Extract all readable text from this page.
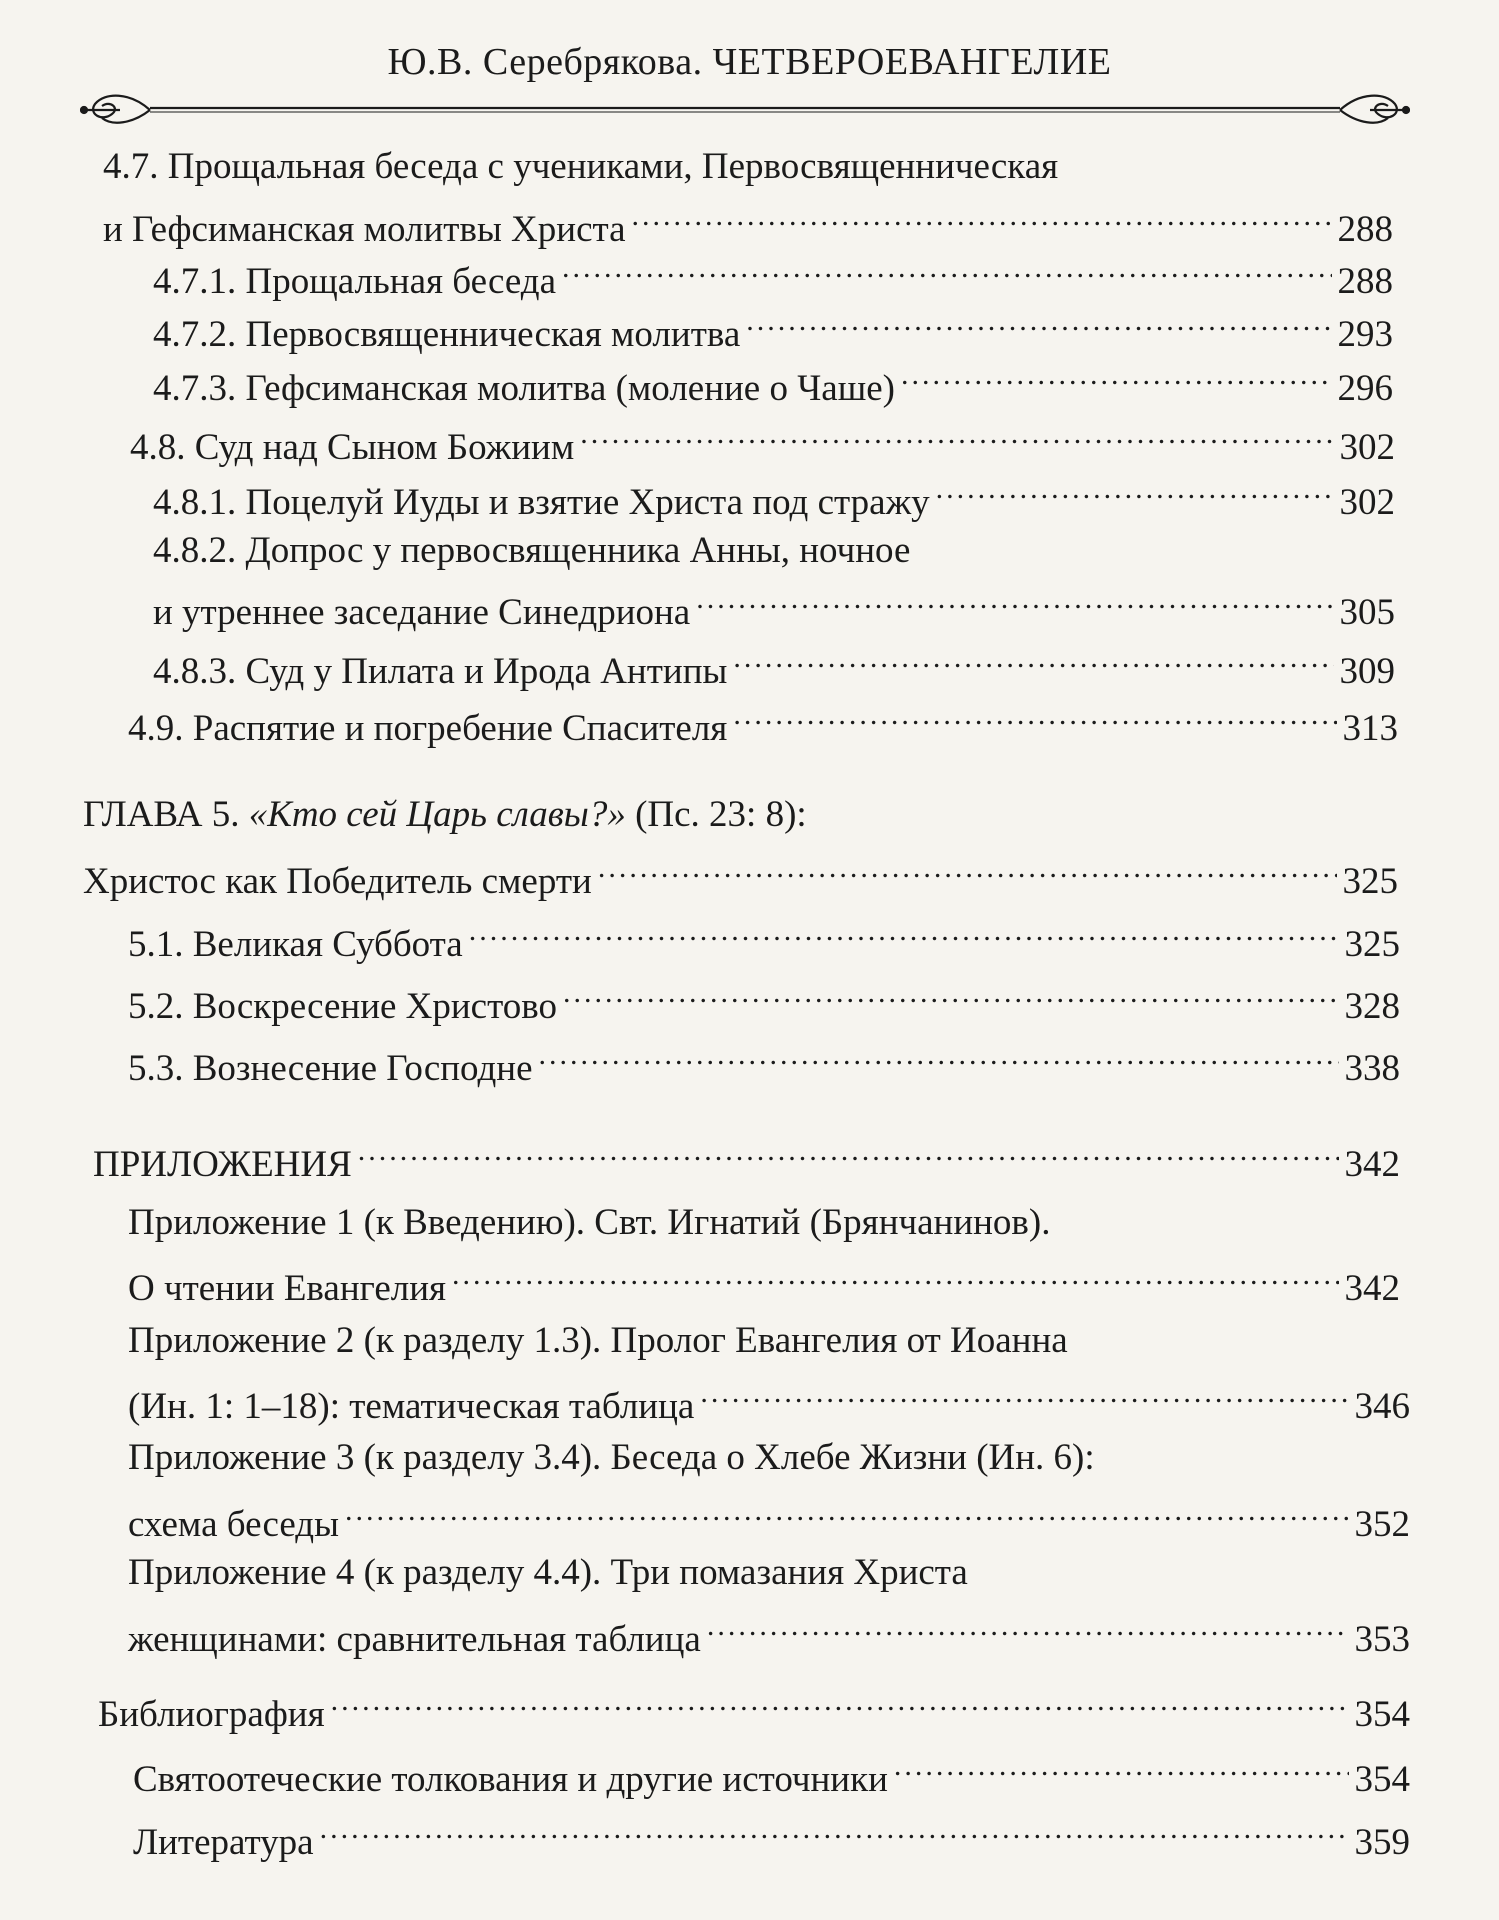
Ю.В. Серебрякова. ЧЕТВЕРОЕВАНГЕЛИЕ
4.7. Прощальная беседа с учениками, Первосвященническая
и Гефсиманская молитвы Христа .....	288
4.7.1. Прощальная беседа .....	288
4.7.2. Первосвященническая молитва .....	293
4.7.3. Гефсиманская молитва (моление о Чаше) .....	296
4.8. Суд над Сыном Божиим .....	302
4.8.1. Поцелуй Иуды и взятие Христа под стражу .....	302
4.8.2. Допрос у первосвященника Анны, ночное
и утреннее заседание Синедриона .....	305
4.8.3. Суд у Пилата и Ирода Антипы .....	309
4.9. Распятие и погребение Спасителя .....	313
ГЛАВА 5. «Кто сей Царь славы?» (Пс. 23: 8):
Христос как Победитель смерти .....	325
5.1. Великая Суббота .....	325
5.2. Воскресение Христово .....	328
5.3. Вознесение Господне .....	338
ПРИЛОЖЕНИЯ .....	342
Приложение 1 (к Введению). Свт. Игнатий (Брянчанинов).
О чтении Евангелия .....	342
Приложение 2 (к разделу 1.3). Пролог Евангелия от Иоанна
(Ин. 1: 1–18): тематическая таблица .....	346
Приложение 3 (к разделу 3.4). Беседа о Хлебе Жизни (Ин. 6):
схема беседы .....	352
Приложение 4 (к разделу 4.4). Три помазания Христа
женщинами: сравнительная таблица .....	353
Библиография .....	354
Святоотеческие толкования и другие источники .....	354
Литература .....	359
